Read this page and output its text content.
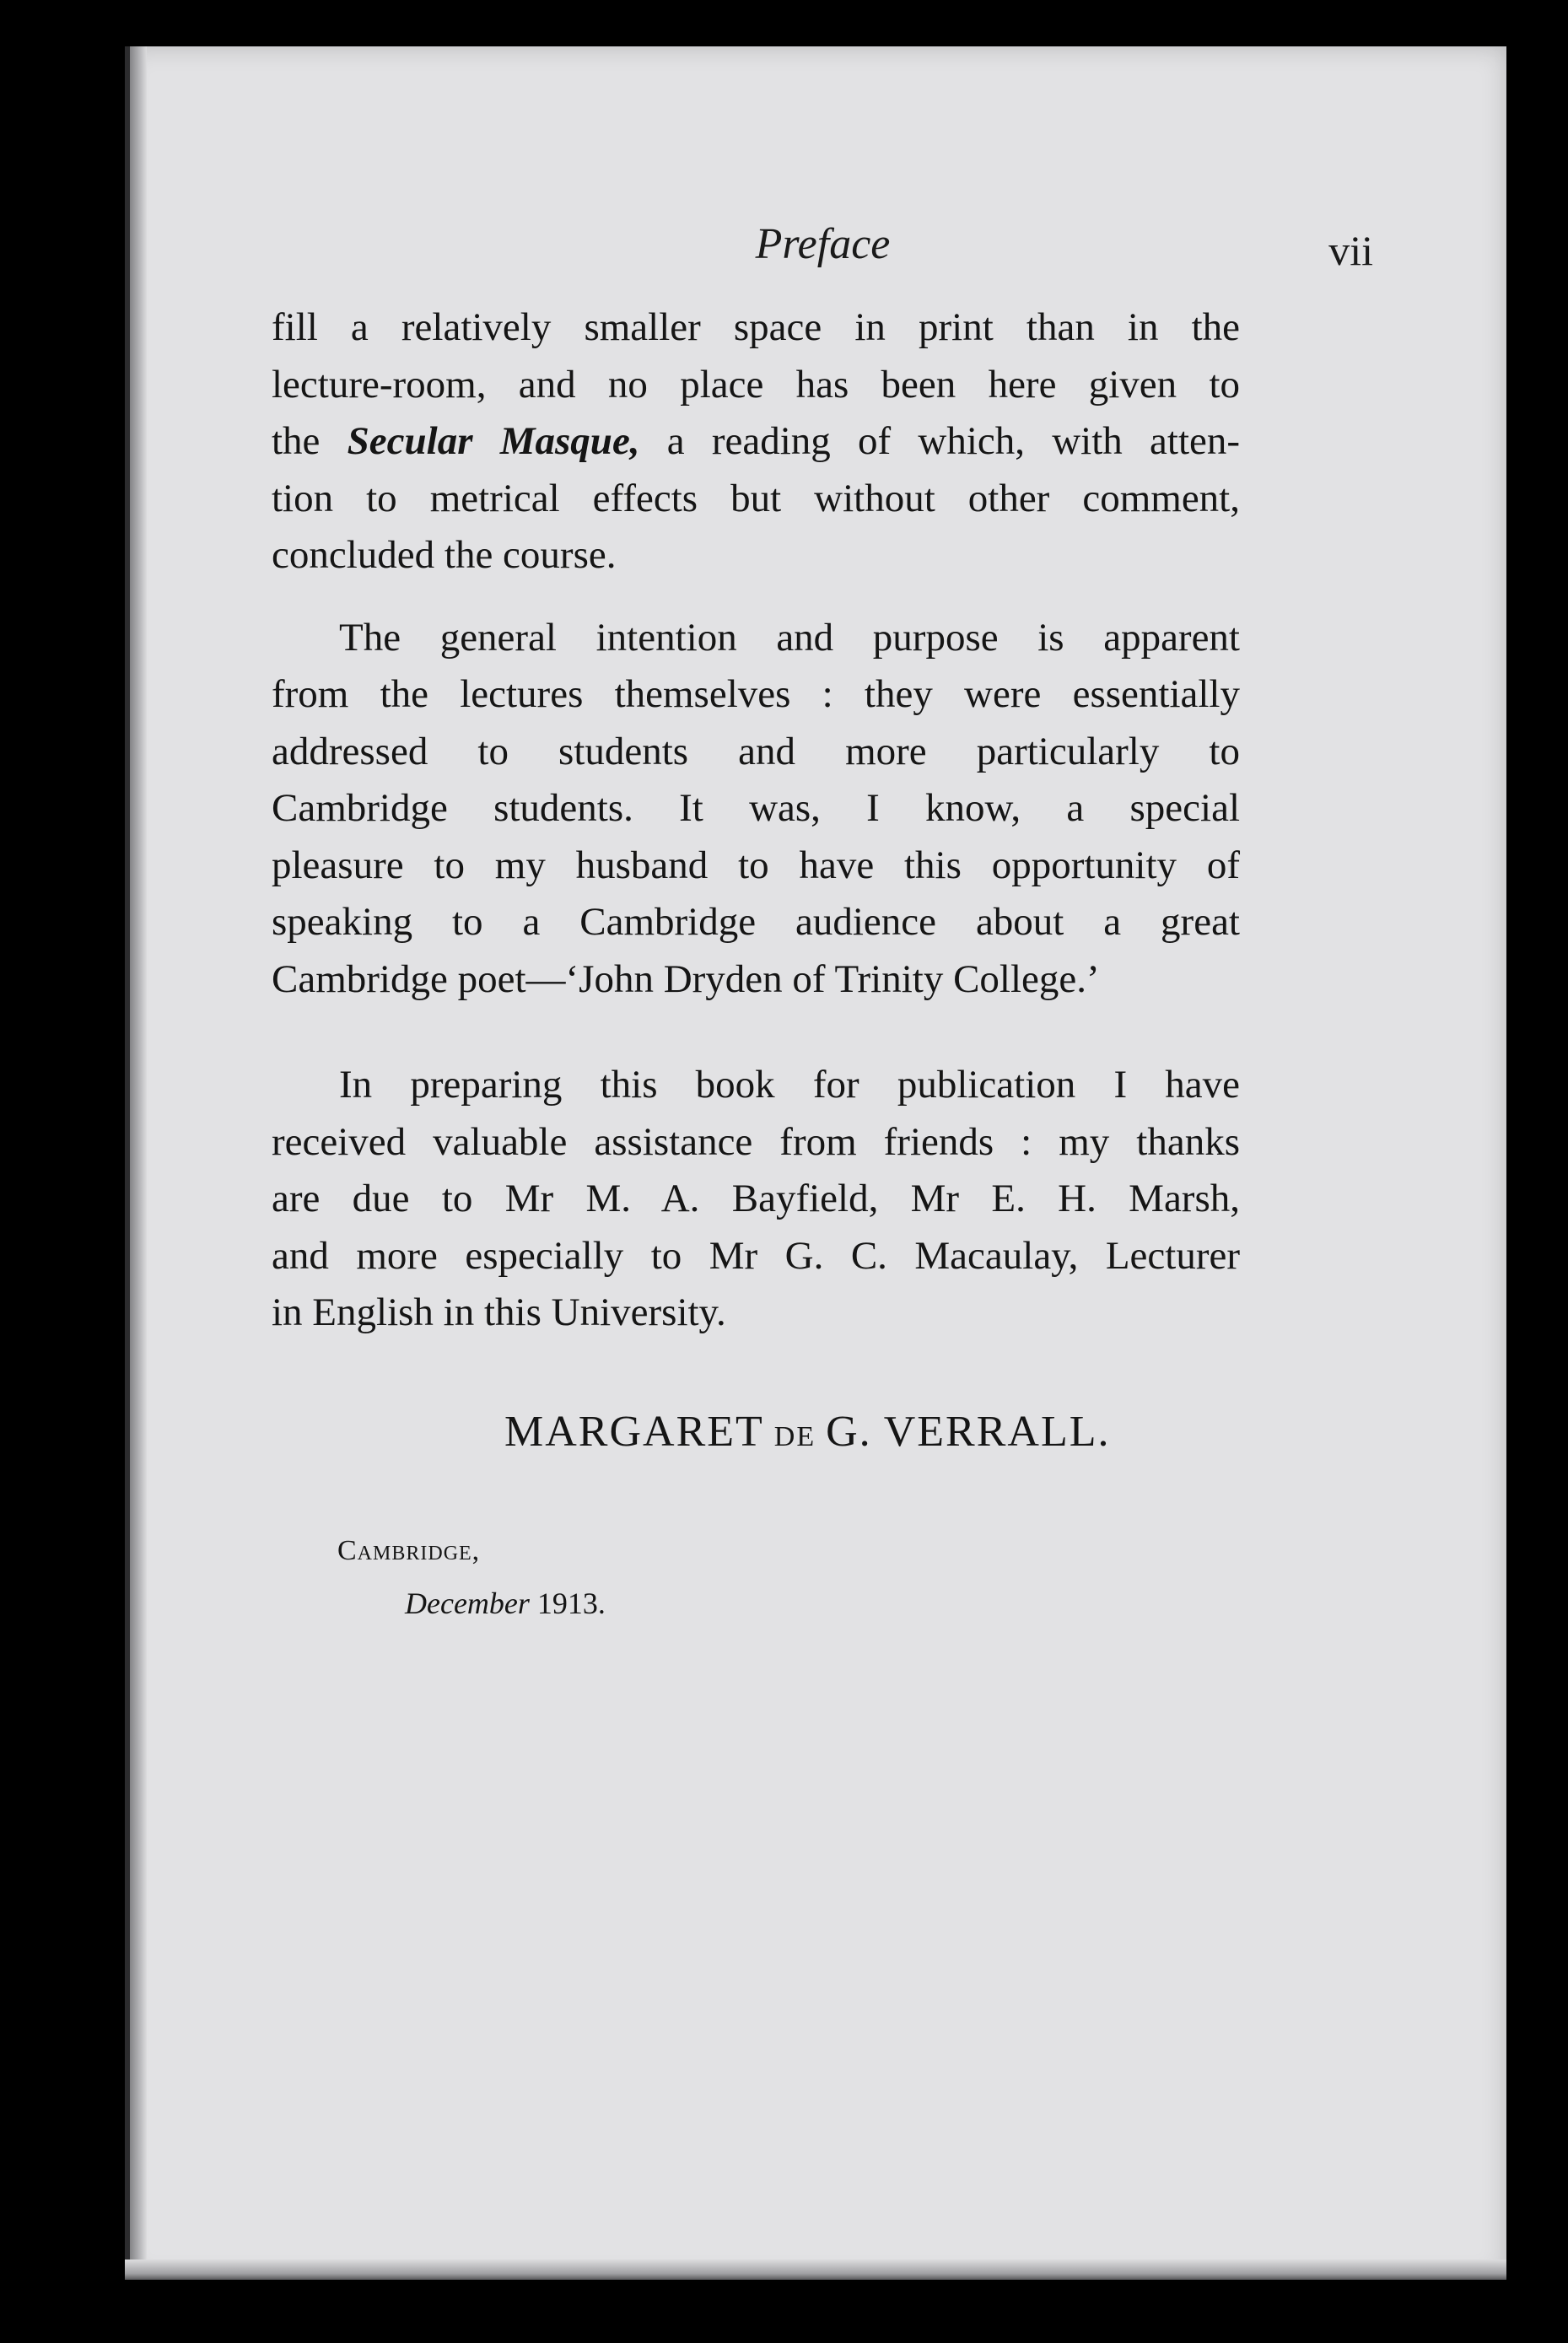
Preface	vii
fill a relatively smaller space in print than in the
lecture-room, and no place has been here given to
the Secular Masque, a reading of which, with atten-
tion to metrical effects but without other comment,
concluded the course.
The general intention and purpose is apparent
from the lectures themselves : they were essentially
addressed to students and more particularly to
Cambridge students. It was, I know, a special
pleasure to my husband to have this opportunity of
speaking to a Cambridge audience about a great
Cambridge poet—‘John Dryden of Trinity College.’
In preparing this book for publication I have
received valuable assistance from friends : my thanks
are due to Mr M. A. Bayfield, Mr E. H. Marsh,
and more especially to Mr G. C. Macaulay, Lecturer
in English in this University.
MARGARET DE G. VERRALL.
Cambridge,
December 1913.
